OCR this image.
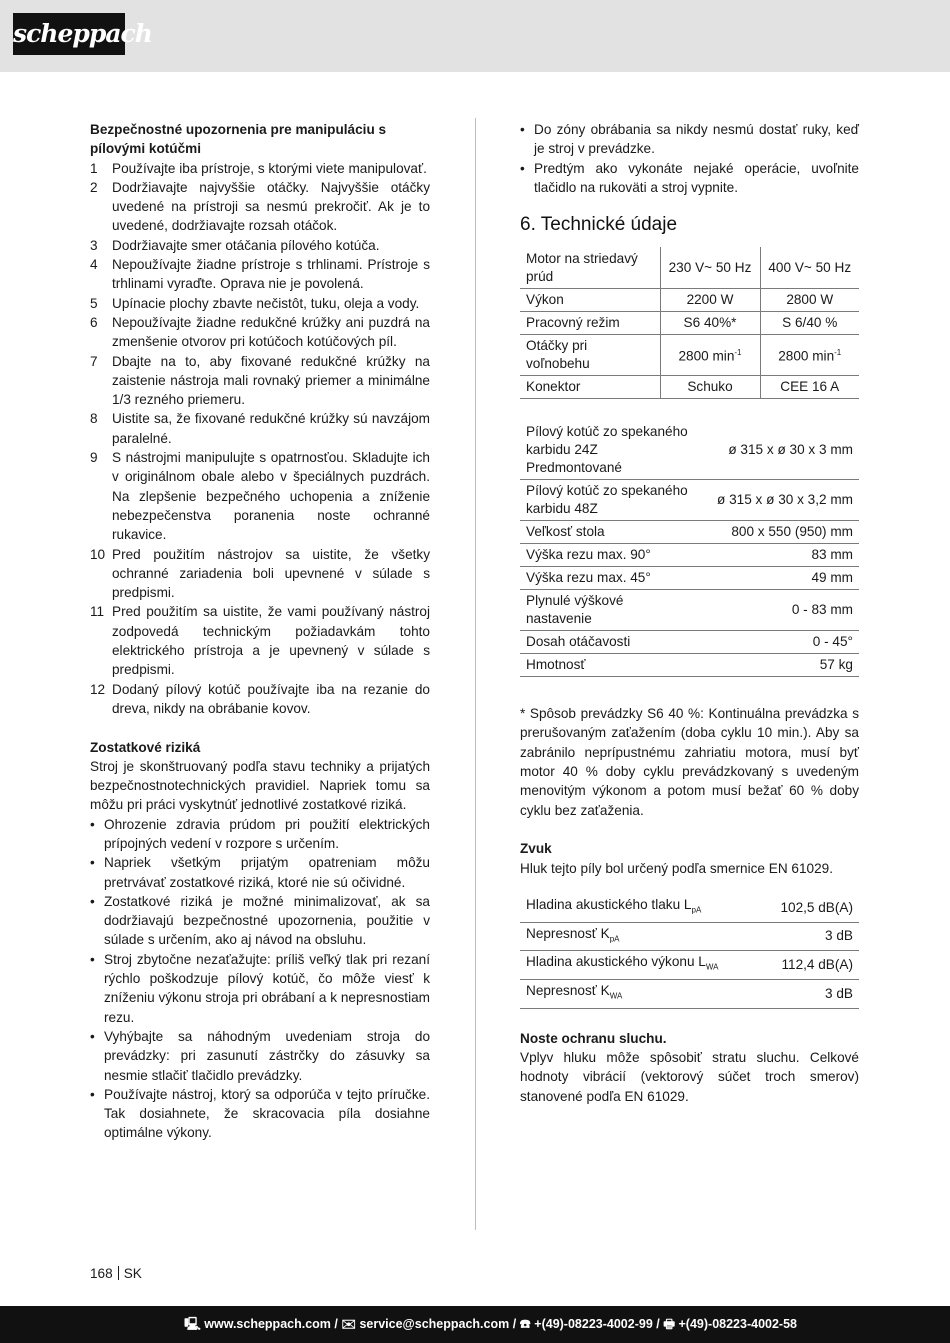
scheppach
Bezpečnostné upozornenia pre manipuláciu s pílovými kotúčmi
1	Používajte iba prístroje, s ktorými viete manipulovať.
2	Dodržiavajte najvyššie otáčky. Najvyššie otáčky uvedené na prístroji sa nesmú prekročiť. Ak je to uvedené, dodržiavajte rozsah otáčok.
3	Dodržiavajte smer otáčania pílového kotúča.
4	Nepoužívajte žiadne prístroje s trhlinami. Prístroje s trhlinami vyraďte. Oprava nie je povolená.
5	Upínacie plochy zbavte nečistôt, tuku, oleja a vody.
6	Nepoužívajte žiadne redukčné krúžky ani puzdrá na zmenšenie otvorov pri kotúčoch kotúčových píl.
7	Dbajte na to, aby fixované redukčné krúžky na zaistenie nástroja mali rovnaký priemer a minimálne 1/3 rezného priemeru.
8	Uistite sa, že fixované redukčné krúžky sú navzájom paralelné.
9	S nástrojmi manipulujte s opatrnosťou. Skladujte ich v originálnom obale alebo v špeciálnych puzdrách. Na zlepšenie bezpečného uchopenia a zníženie nebezpečenstva poranenia noste ochranné rukavice.
10 Pred použitím nástrojov sa uistite, že všetky ochranné zariadenia boli upevnené v súlade s predpismi.
11 Pred použitím sa uistite, že vami používaný nástroj zodpovedá technickým požiadavkám tohto elektrického prístroja a je upevnený v súlade s predpismi.
12 Dodaný pílový kotúč používajte iba na rezanie do dreva, nikdy na obrábanie kovov.
Zostatkové riziká
Stroj je skonštruovaný podľa stavu techniky a prijatých bezpečnostnotechnických pravidiel. Napriek tomu sa môžu pri práci vyskytnúť jednotlivé zostatkové riziká.
• Ohrozenie zdravia prúdom pri použití elektrických prípojných vedení v rozpore s určením.
• Napriek všetkým prijatým opatreniam môžu pretrvávať zostatkové riziká, ktoré nie sú očividné.
• Zostatkové riziká je možné minimalizovať, ak sa dodržiavajú bezpečnostné upozornenia, použitie v súlade s určením, ako aj návod na obsluhu.
• Stroj zbytočne nezaťažujte: príliš veľký tlak pri rezaní rýchlo poškodzuje pílový kotúč, čo môže viesť k zníženiu výkonu stroja pri obrábaní a k nepresnostiam rezu.
• Vyhýbajte sa náhodným uvedeniam stroja do prevádzky: pri zasunutí zástrčky do zásuvky sa nesmie stlačiť tlačidlo prevádzky.
• Používajte nástroj, ktorý sa odporúča v tejto príručke. Tak dosiahnete, že skracovacia píla dosiahne optimálne výkony.
• Do zóny obrábania sa nikdy nesmú dostať ruky, keď je stroj v prevádzke.
• Predtým ako vykonáte nejaké operácie, uvoľnite tlačidlo na rukoväti a stroj vypnite.
6. Technické údaje
Motor na striedavý prúd	230 V~ 50 Hz	400 V~ 50 Hz
Výkon	2200 W	2800 W
Pracovný režim	S6 40%*	S 6/40 %
Otáčky pri voľnobehu	2800 $\min^{-1}$	2800 $\min^{-1}$
Konektor	Schuko	CEE 16 A
Pílový kotúč zo spekaného karbidu 24Z Predmontované	ø 315 x ø 30 x 3 mm
Pílový kotúč zo spekaného karbidu 48Z	ø 315 x ø 30 x 3,2 mm
Veľkosť stola	800 x 550 (950) mm
Výška rezu max. 90°	83 mm
Výška rezu max. 45°	49 mm
Plynulé výškové nastavenie	0 - 83 mm
Dosah otáčavosti	0 - 45°
Hmotnosť	57 kg
* Spôsob prevádzky S6 40 %: Kontinuálna prevádzka s prerušovaným zaťažením (doba cyklu 10 min.). Aby sa zabránilo neprípustnému zahriatiu motora, musí byť motor 40 % doby cyklu prevádzkovaný s uvedeným menovitým výkonom a potom musí bežať 60 % doby cyklu bez zaťaženia.
Zvuk
Hluk tejto píly bol určený podľa smernice EN 61029.
Hladina akustického tlaku $L_{pA}$	102,5 dB(A)
Nepresnosť $K_{pA}$	3 dB
Hladina akustického výkonu $L_{WA}$	112,4 dB(A)
Nepresnosť $K_{WA}$	3 dB
Noste ochranu sluchu.
Vplyv hluku môže spôsobiť stratu sluchu. Celkové hodnoty vibrácií (vektorový súčet troch smerov) stanovené podľa EN 61029.
168 SK
🖳 www.scheppach.com / ✉ service@scheppach.com / ☎ +(49)-08223-4002-99 / 🖶 +(49)-08223-4002-58
